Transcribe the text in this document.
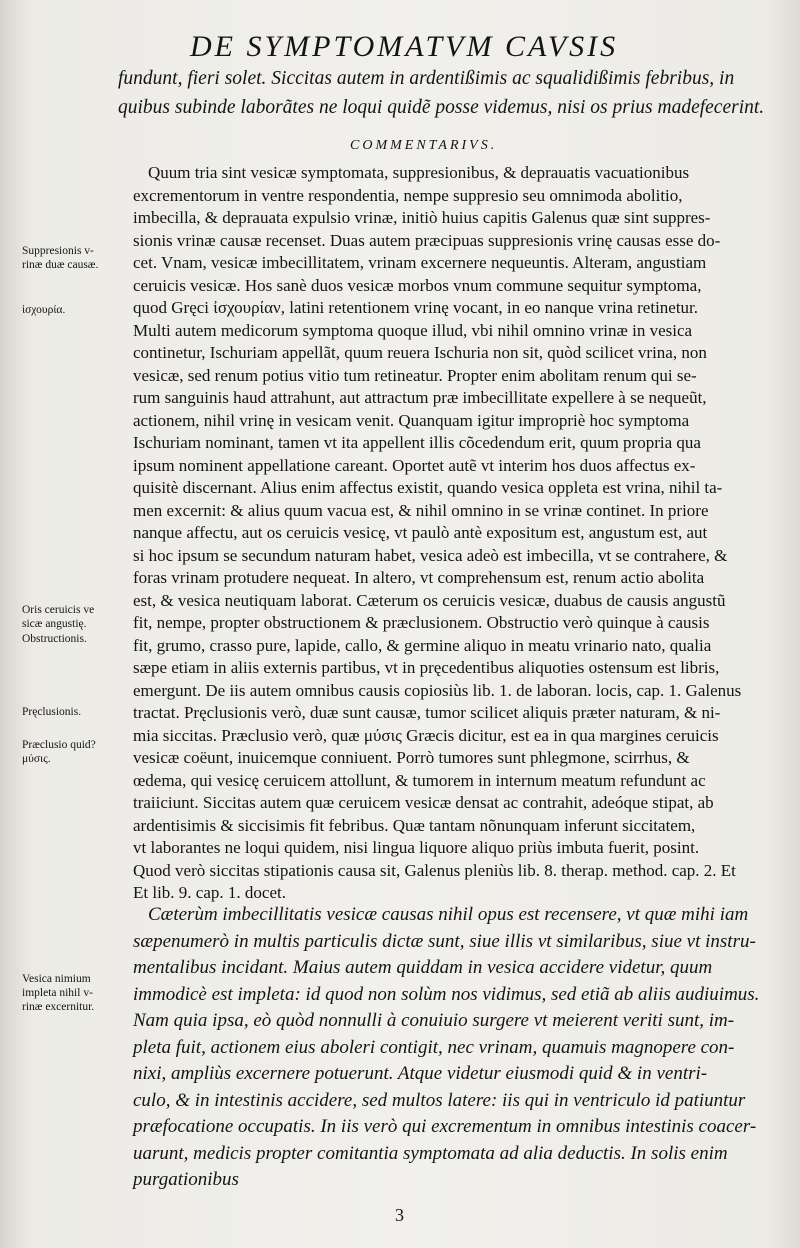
DE SYMPTOMATVM CAVSIS
fundunt, fieri solet. Siccitas autem in ardentißimis ac squalidißimis febribus, in
quibus subinde laborãtes ne loqui quidẽ posse videmus, nisi os prius madefecerint.
COMMENTARIVS.
Quum tria sint vesicæ symptomata, suppresionibus, & deprauatis vacuationibus
excrementorum in ventre respondentia, nempe suppresio seu omnimoda abolitio,
imbecilla, & deprauata expulsio vrinæ, initiò huius capitis Galenus quæ sint suppres-
sionis vrinæ causæ recenset. Duas autem præcipuas suppresionis vrinę causas esse do-
cet. Vnam, vesicæ imbecillitatem, vrinam excernere nequeuntis. Alteram, angustiam
ceruicis vesicæ. Hos sanè duos vesicæ morbos vnum commune sequitur symptoma,
quod Gręci ἰσχουρίαν, latini retentionem vrinę vocant, in eo nanque vrina retinetur.
Multi autem medicorum symptoma quoque illud, vbi nihil omnino vrinæ in vesica
continetur, Ischuriam appellãt, quum reuera Ischuria non sit, quòd scilicet vrina, non
vesicæ, sed renum potius vitio tum retineatur. Propter enim abolitam renum qui se-
rum sanguinis haud attrahunt, aut attractum præ imbecillitate expellere à se nequeũt,
actionem, nihil vrinę in vesicam venit. Quanquam igitur impropriè hoc symptoma
Ischuriam nominant, tamen vt ita appellent illis cõcedendum erit, quum propria qua
ipsum nominent appellatione careant. Oportet autẽ vt interim hos duos affectus ex-
quisitè discernant. Alius enim affectus existit, quando vesica oppleta est vrina, nihil ta-
men excernit: & alius quum vacua est, & nihil omnino in se vrinæ continet. In priore
nanque affectu, aut os ceruicis vesicę, vt paulò antè expositum est, angustum est, aut
si hoc ipsum se secundum naturam habet, vesica adeò est imbecilla, vt se contrahere, &
foras vrinam protudere nequeat. In altero, vt comprehensum est, renum actio abolita
est, & vesica neutiquam laborat. Cæterum os ceruicis vesicæ, duabus de causis angustũ
fit, nempe, propter obstructionem & præclusionem. Obstructio verò quinque à causis
fit, grumo, crasso pure, lapide, callo, & germine aliquo in meatu vrinario nato, qualia
sæpe etiam in aliis externis partibus, vt in pręcedentibus aliquoties ostensum est libris,
emergunt. De iis autem omnibus causis copiosiùs lib. 1. de laboran. locis, cap. 1. Galenus
tractat. Pręclusionis verò, duæ sunt causæ, tumor scilicet aliquis præter naturam, & ni-
mia siccitas. Præclusio verò, quæ μύσις Græcis dicitur, est ea in qua margines ceruicis
vesicæ coëunt, inuicemque conniuent. Porrò tumores sunt phlegmone, scirrhus, &
œdema, qui vesicę ceruicem attollunt, & tumorem in internum meatum refundunt ac
traiiciunt. Siccitas autem quæ ceruicem vesicæ densat ac contrahit, adeóque stipat, ab
ardentisimis & siccisimis fit febribus. Quæ tantam nõnunquam inferunt siccitatem,
vt laborantes ne loqui quidem, nisi lingua liquore aliquo priùs imbuta fuerit, posint.
Quod verò siccitas stipationis causa sit, Galenus pleniùs lib. 8. therap. method. cap. 2. Et
Et lib. 9. cap. 1. docet.
Cæterùm imbecillitatis vesicæ causas nihil opus est recensere, vt quæ mihi iam
sæpenumerò in multis particulis dictæ sunt, siue illis vt similaribus, siue vt instru-
mentalibus incidant. Maius autem quiddam in vesica accidere videtur, quum
immodicè est impleta: id quod non solùm nos vidimus, sed etiã ab aliis audiuimus.
Nam quia ipsa, eò quòd nonnulli à conuiuio surgere vt meierent veriti sunt, im-
pleta fuit, actionem eius aboleri contigit, nec vrinam, quamuis magnopere con-
nixi, ampliùs excernere potuerunt. Atque videtur eiusmodi quid & in ventri-
culo, & in intestinis accidere, sed multos latere: iis qui in ventriculo id patiuntur
præfocatione occupatis. In iis verò qui excrementum in omnibus intestinis coacer-
uarunt, medicis propter comitantia symptomata ad alia deductis. In solis enim
purgationibus
Suppresionis v-
rinæ duæ causæ.
ἰσχουρία.
Oris ceruicis ve
sicæ angustię.
Obstructionis.
Pręclusionis.
Præclusio quid?
μύσις.
Vesica nimium
impleta nihil v-
rinæ excernitur.
3
